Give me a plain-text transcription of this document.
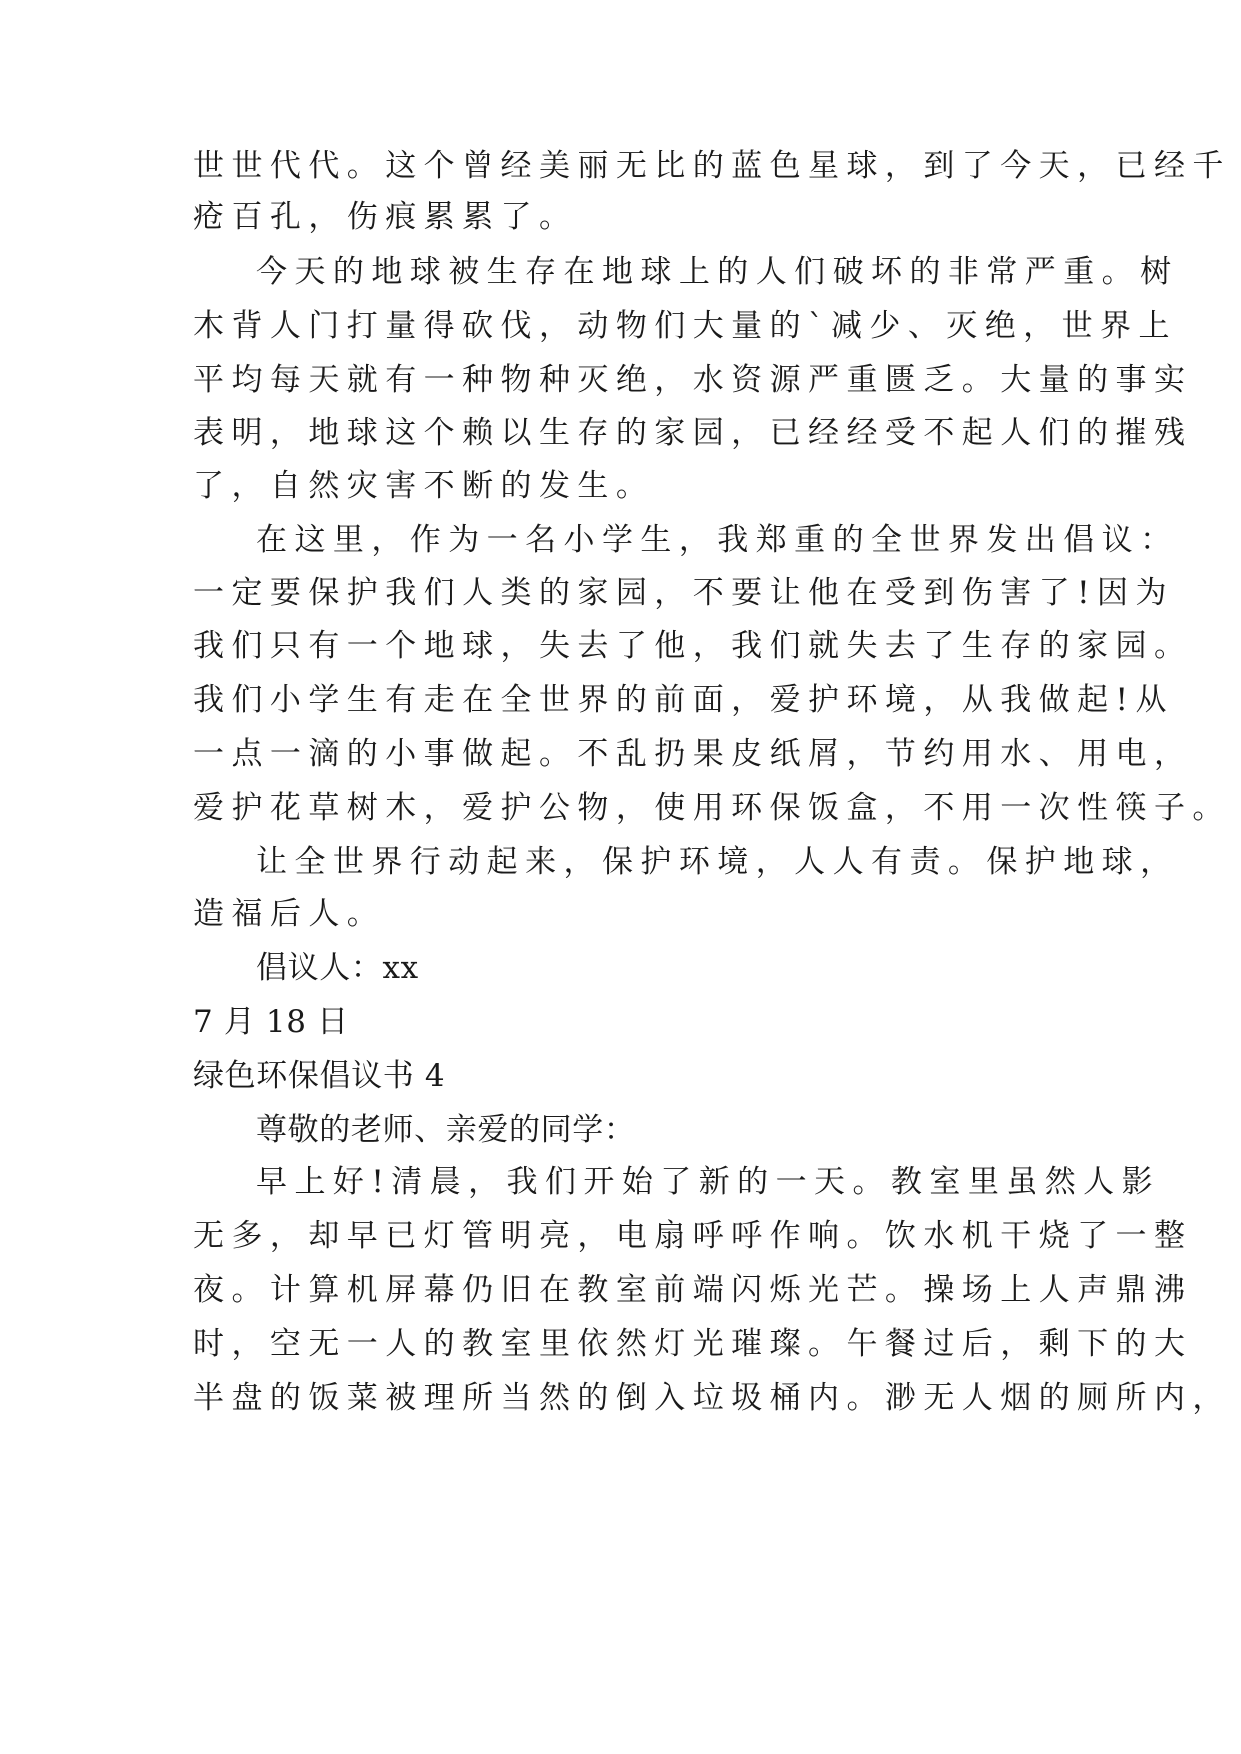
世世代代。这个曾经美丽无比的蓝色星球，到了今天，已经千
疮百孔，伤痕累累了。
今天的地球被生存在地球上的人们破坏的非常严重。树
木背人门打量得砍伐，动物们大量的`减少、灭绝，世界上
平均每天就有一种物种灭绝，水资源严重匮乏。大量的事实
表明，地球这个赖以生存的家园，已经经受不起人们的摧残
了，自然灾害不断的发生。
在这里，作为一名小学生，我郑重的全世界发出倡议：
一定要保护我们人类的家园，不要让他在受到伤害了!因为
我们只有一个地球，失去了他，我们就失去了生存的家园。
我们小学生有走在全世界的前面，爱护环境，从我做起!从
一点一滴的小事做起。不乱扔果皮纸屑，节约用水、用电，
爱护花草树木，爱护公物，使用环保饭盒，不用一次性筷子。
让全世界行动起来，保护环境，人人有责。保护地球，
造福后人。
倡议人：xx
7 月 18 日
绿色环保倡议书 4
尊敬的老师、亲爱的同学：
早上好!清晨，我们开始了新的一天。教室里虽然人影
无多，却早已灯管明亮，电扇呼呼作响。饮水机干烧了一整
夜。计算机屏幕仍旧在教室前端闪烁光芒。操场上人声鼎沸
时，空无一人的教室里依然灯光璀璨。午餐过后，剩下的大
半盘的饭菜被理所当然的倒入垃圾桶内。渺无人烟的厕所内，
